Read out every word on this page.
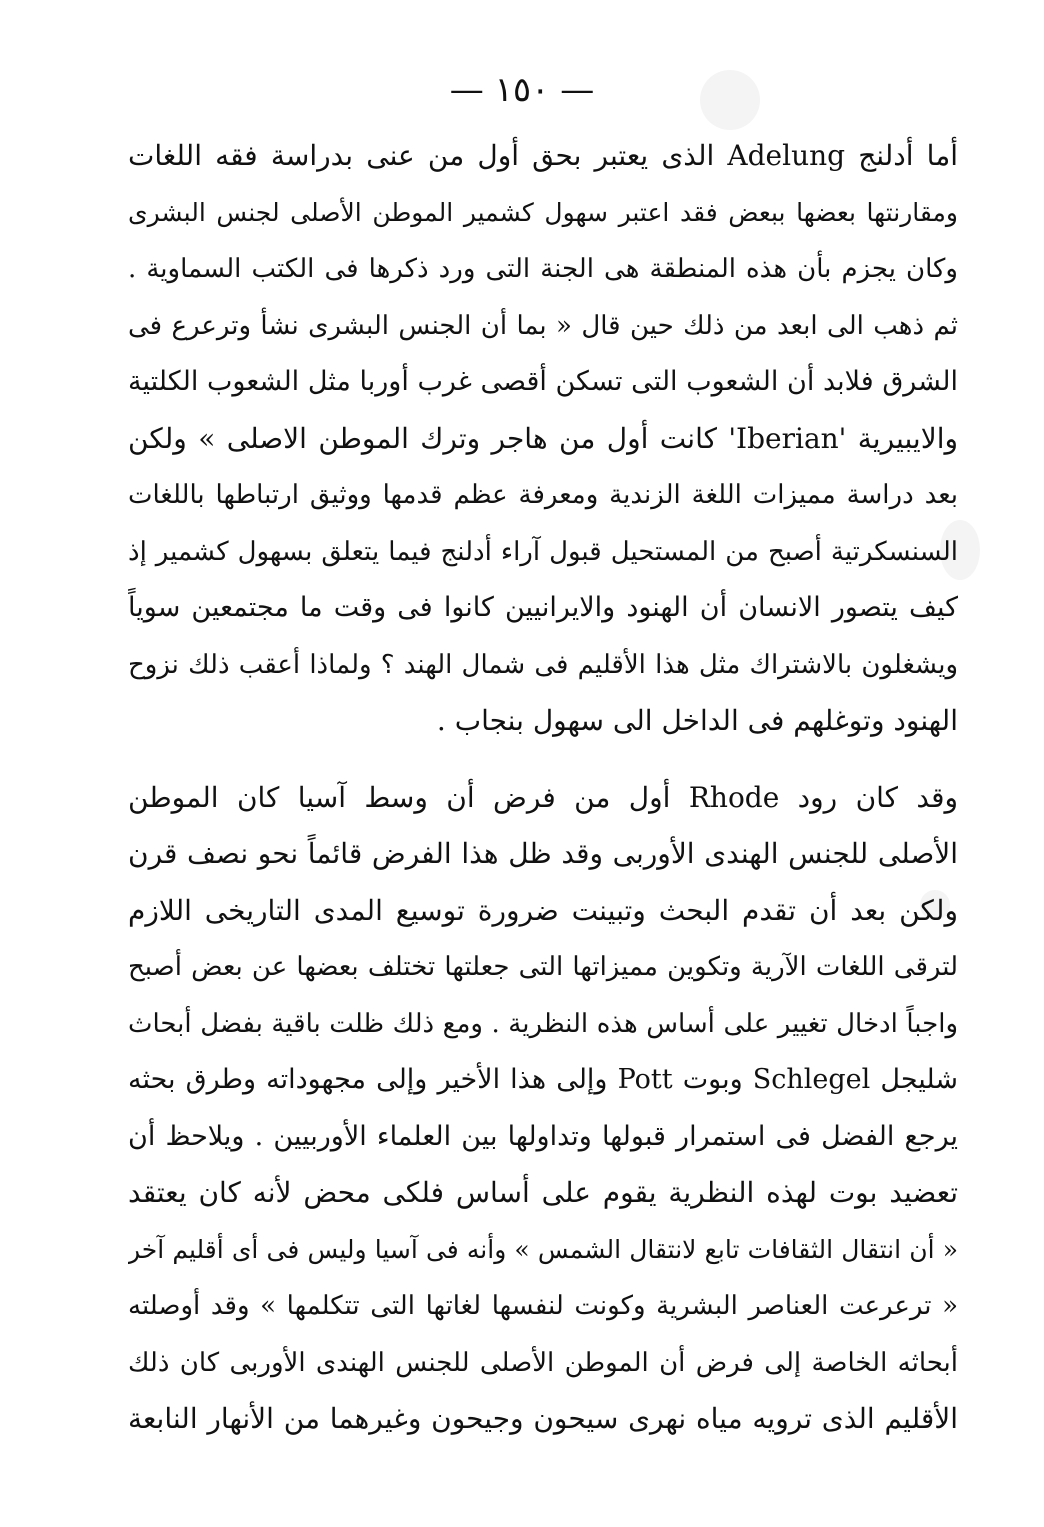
— ١٥٠ —
أما أدلنج Adelung الذى يعتبر بحق أول من عنى بدراسة فقه اللغات
ومقارنتها بعضها ببعض فقد اعتبر سهول كشمير الموطن الأصلى لجنس البشرى
وكان يجزم بأن هذه المنطقة هى الجنة التى ورد ذكرها فى الكتب السماوية .
ثم ذهب الى ابعد من ذلك حين قال « بما أن الجنس البشرى نشأ وترعرع فى
الشرق فلابد أن الشعوب التى تسكن أقصى غرب أوربا مثل الشعوب الكلتية
والايبيرية 'Iberian' كانت أول من هاجر وترك الموطن الاصلى » ولكن
بعد دراسة مميزات اللغة الزندية ومعرفة عظم قدمها ووثيق ارتباطها باللغات
السنسكرتية أصبح من المستحيل قبول آراء أدلنج فيما يتعلق بسهول كشمير إذ
كيف يتصور الانسان أن الهنود والايرانيين كانوا فى وقت ما مجتمعين سوياً
ويشغلون بالاشتراك مثل هذا الأقليم فى شمال الهند ؟ ولماذا أعقب ذلك نزوح
الهنود وتوغلهم فى الداخل الى سهول بنجاب .
وقد كان رود Rhode أول من فرض أن وسط آسيا كان الموطن
الأصلى للجنس الهندى الأوربى وقد ظل هذا الفرض قائماً نحو نصف قرن
ولكن بعد أن تقدم البحث وتبينت ضرورة توسيع المدى التاريخى اللازم
لترقى اللغات الآرية وتكوين مميزاتها التى جعلتها تختلف بعضها عن بعض أصبح
واجباً ادخال تغيير على أساس هذه النظرية . ومع ذلك ظلت باقية بفضل أبحاث
شليجل Schlegel وبوت Pott وإلى هذا الأخير وإلى مجهوداته وطرق بحثه
يرجع الفضل فى استمرار قبولها وتداولها بين العلماء الأوربيين . ويلاحظ أن
تعضيد بوت لهذه النظرية يقوم على أساس فلكى محض لأنه كان يعتقد
« أن انتقال الثقافات تابع لانتقال الشمس » وأنه فى آسيا وليس فى أى أقليم آخر
« ترعرعت العناصر البشرية وكونت لنفسها لغاتها التى تتكلمها » وقد أوصلته
أبحاثه الخاصة إلى فرض أن الموطن الأصلى للجنس الهندى الأوربى كان ذلك
الأقليم الذى ترويه مياه نهرى سيحون وجيحون وغيرهما من الأنهار النابعة
